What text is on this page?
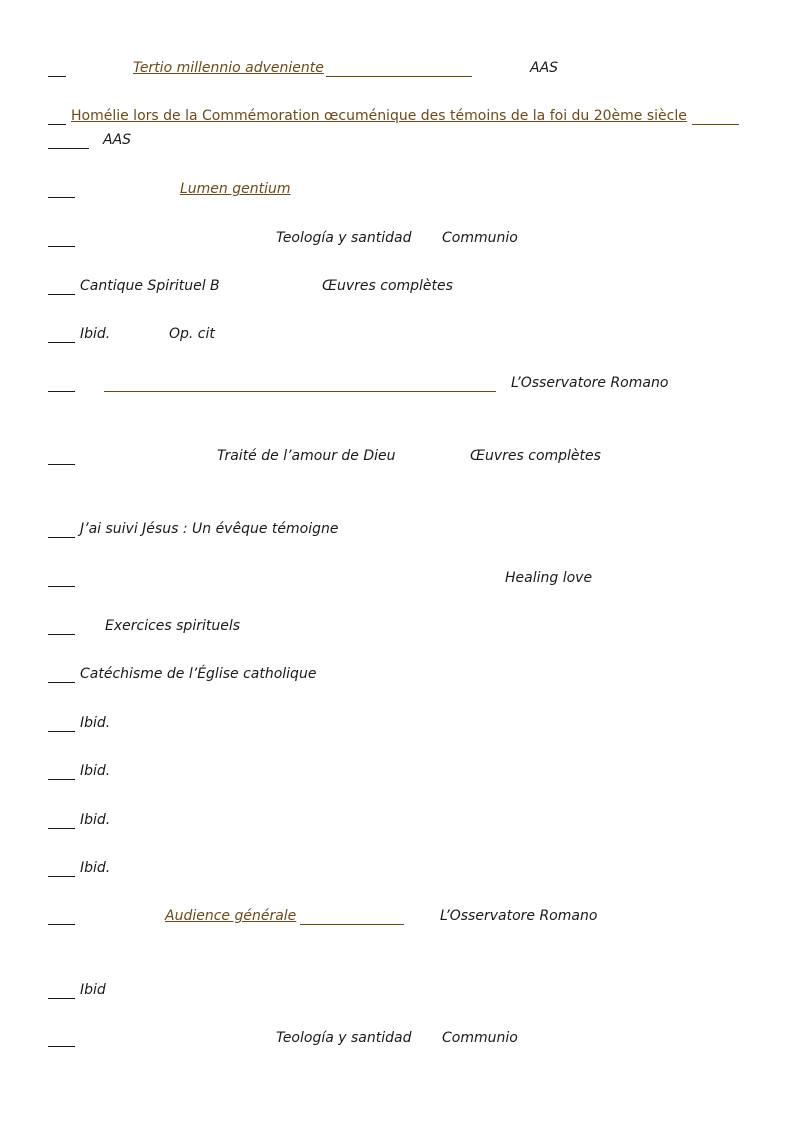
Tertio millennio adveniente	AAS
Homélie lors de la Commémoration œcuménique des témoins de la foi du 20ème siècle
AAS
Lumen gentium
Teología y santidad Communio
Cantique Spirituel B	Œuvres complètes
Ibid.	Op. cit
L’Osservatore Romano
Traité de l’amour de Dieu	Œuvres complètes
J’ai suivi Jésus : Un évêque témoigne
Healing love
Exercices spirituels
Catéchisme de l’Église catholique
Ibid.
Ibid.
Ibid.
Ibid.
Audience générale	L’Osservatore Romano
Ibid
Teología y santidad Communio
